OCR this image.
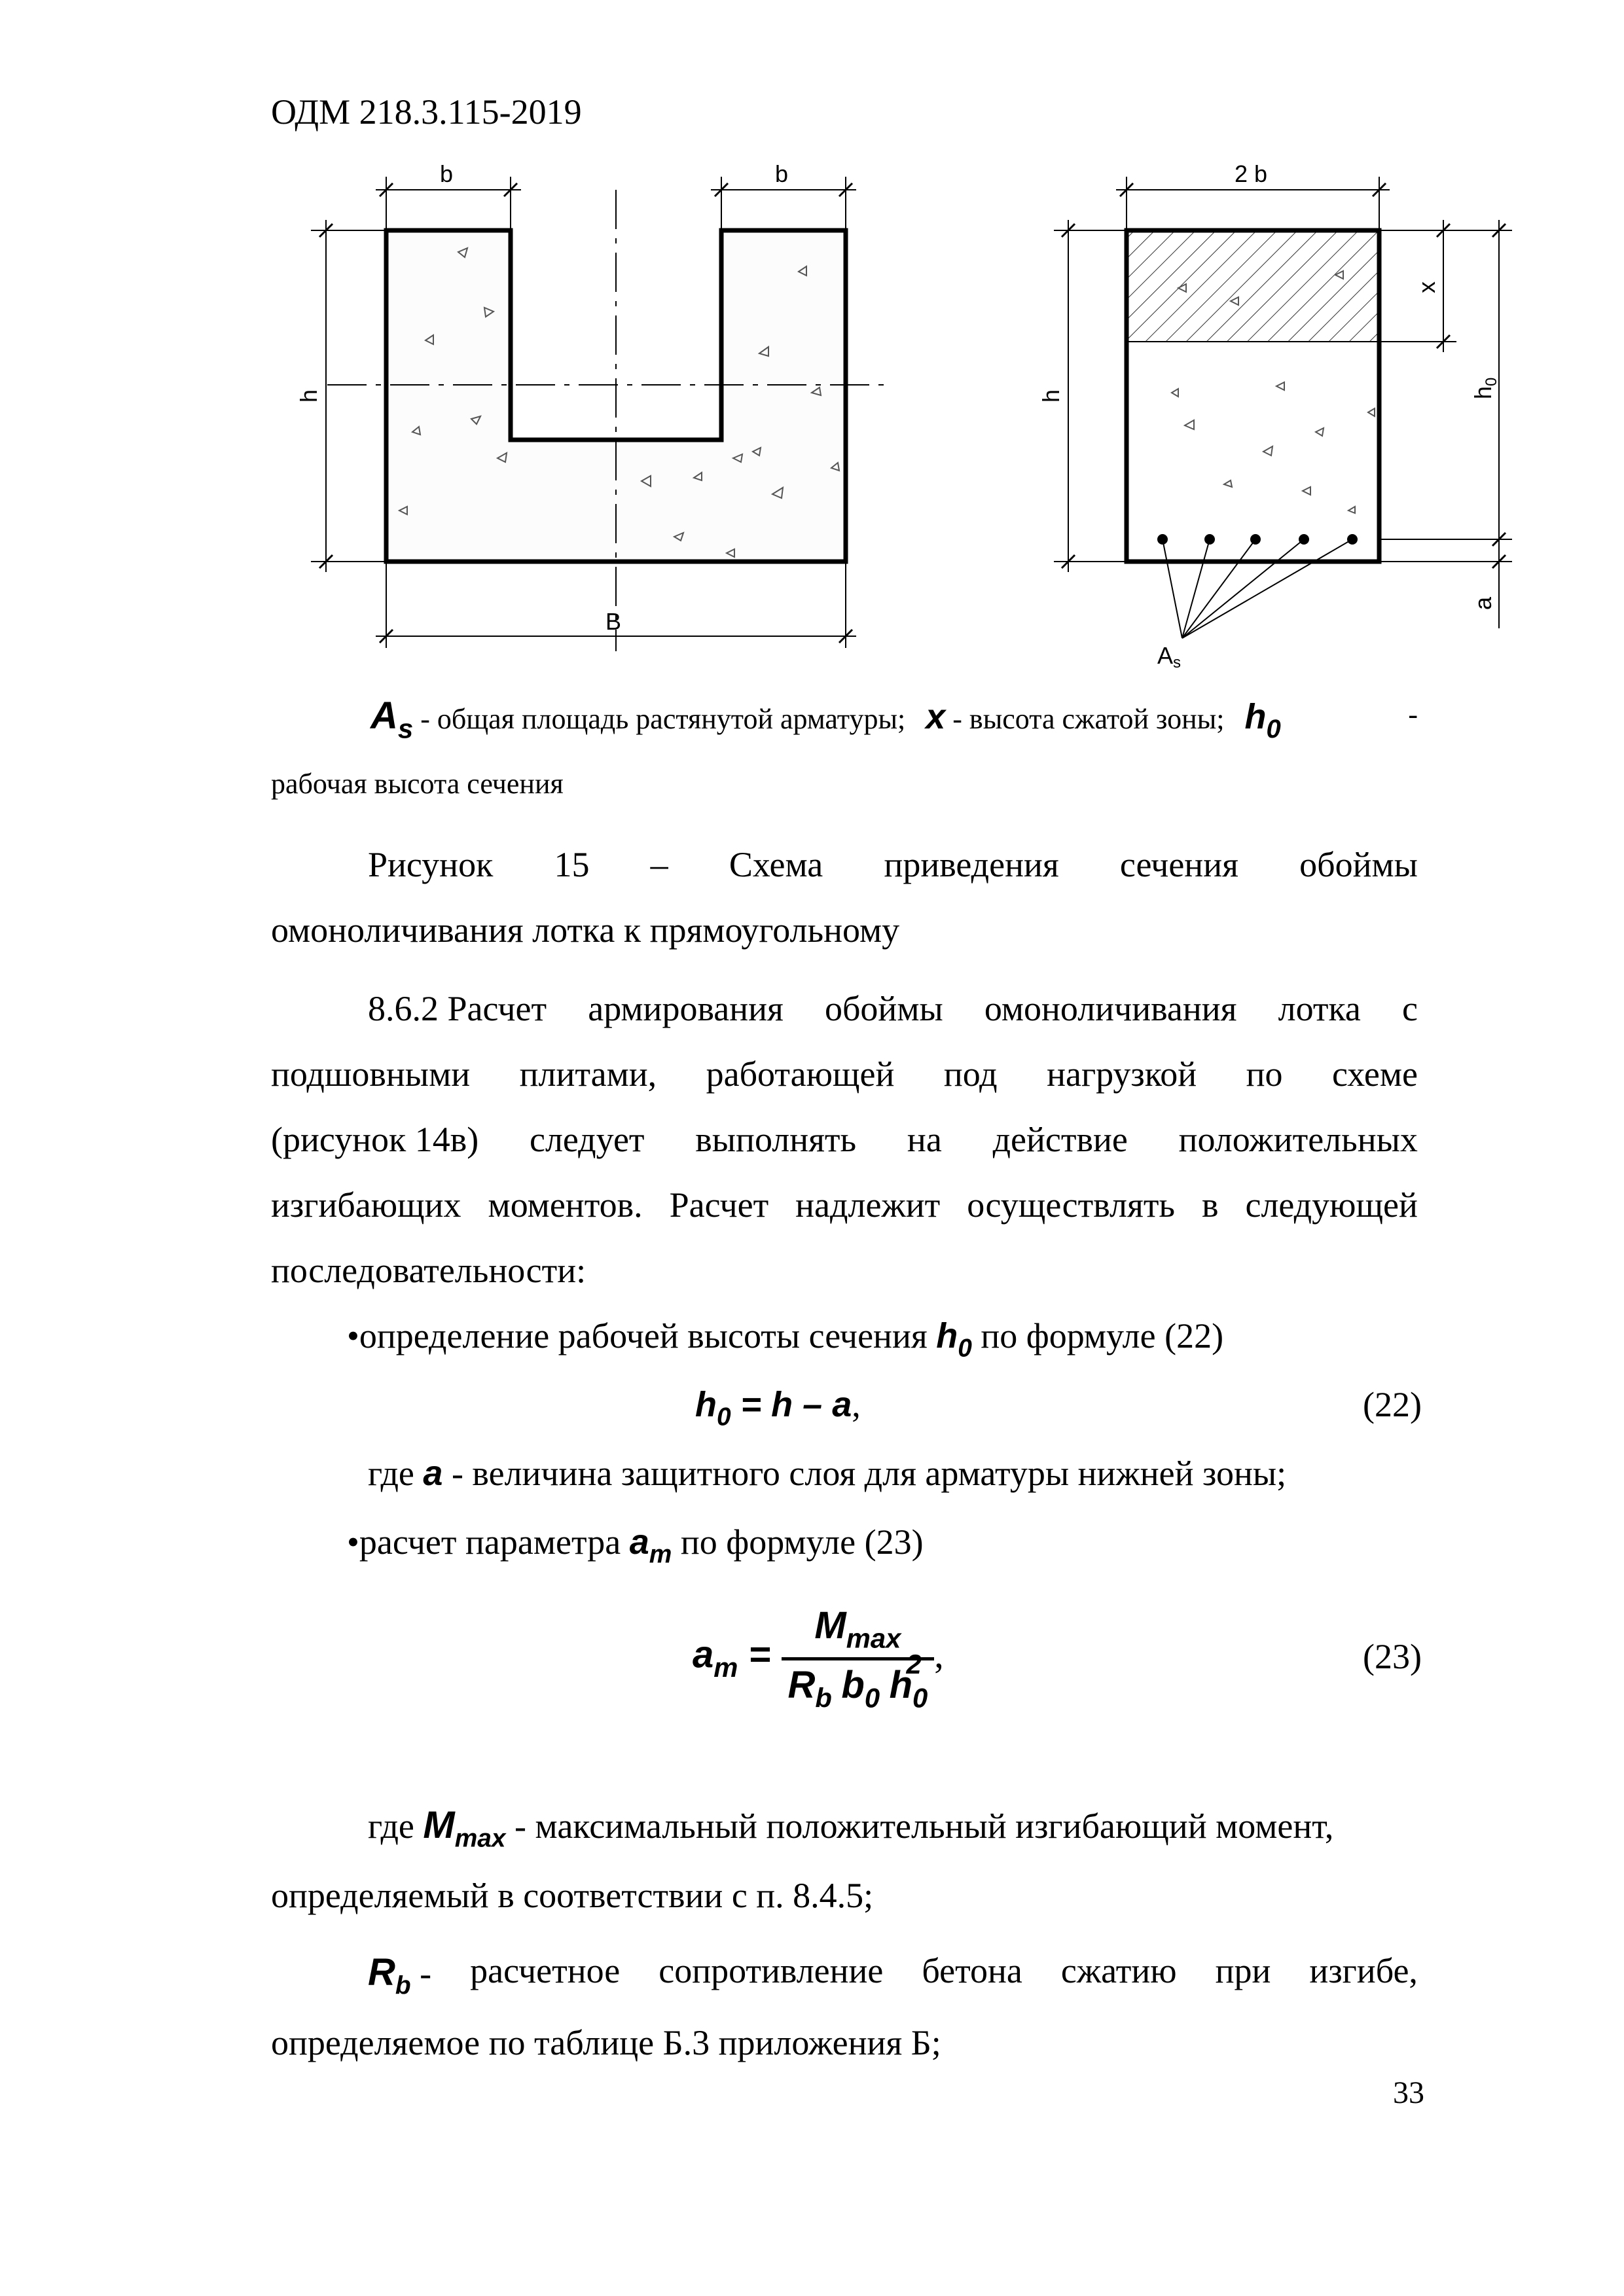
ОДМ 218.3.115-2019
b	b
h
B
2 b
h
x
h
0
a
A s
As - общая площадь растянутой арматуры; x - высота сжатой зоны; h0	-
рабочая высота сечения
Рисунок 15 – Схема приведения сечения обоймы
омоноличивания лотка к прямоугольному
8.6.2 Расчет армирования обоймы омоноличивания лотка с
подшовными плитами, работающей под нагрузкой по схеме
(рисунок 14в) следует выполнять на действие положительных
изгибающих моментов. Расчет надлежит осуществлять в следующей
последовательности:
•определение рабочей высоты сечения $h_0$ по формуле (22)
$h_0 = h - a$,	(22)
где a - величина защитного слоя для арматуры нижней зоны;
•расчет параметра $a_m$ по формуле (23)
$a_m = M_{max}$
$R_b$ $b_0$ $h_0$
2 ,	(23)
где $M_{max}$ - максимальный положительный изгибающий момент,
определяемый в соответствии с п. 8.4.5;
$R_b$ - расчетное сопротивление бетона сжатию при изгибе,
определяемое по таблице Б.3 приложения Б;
33
